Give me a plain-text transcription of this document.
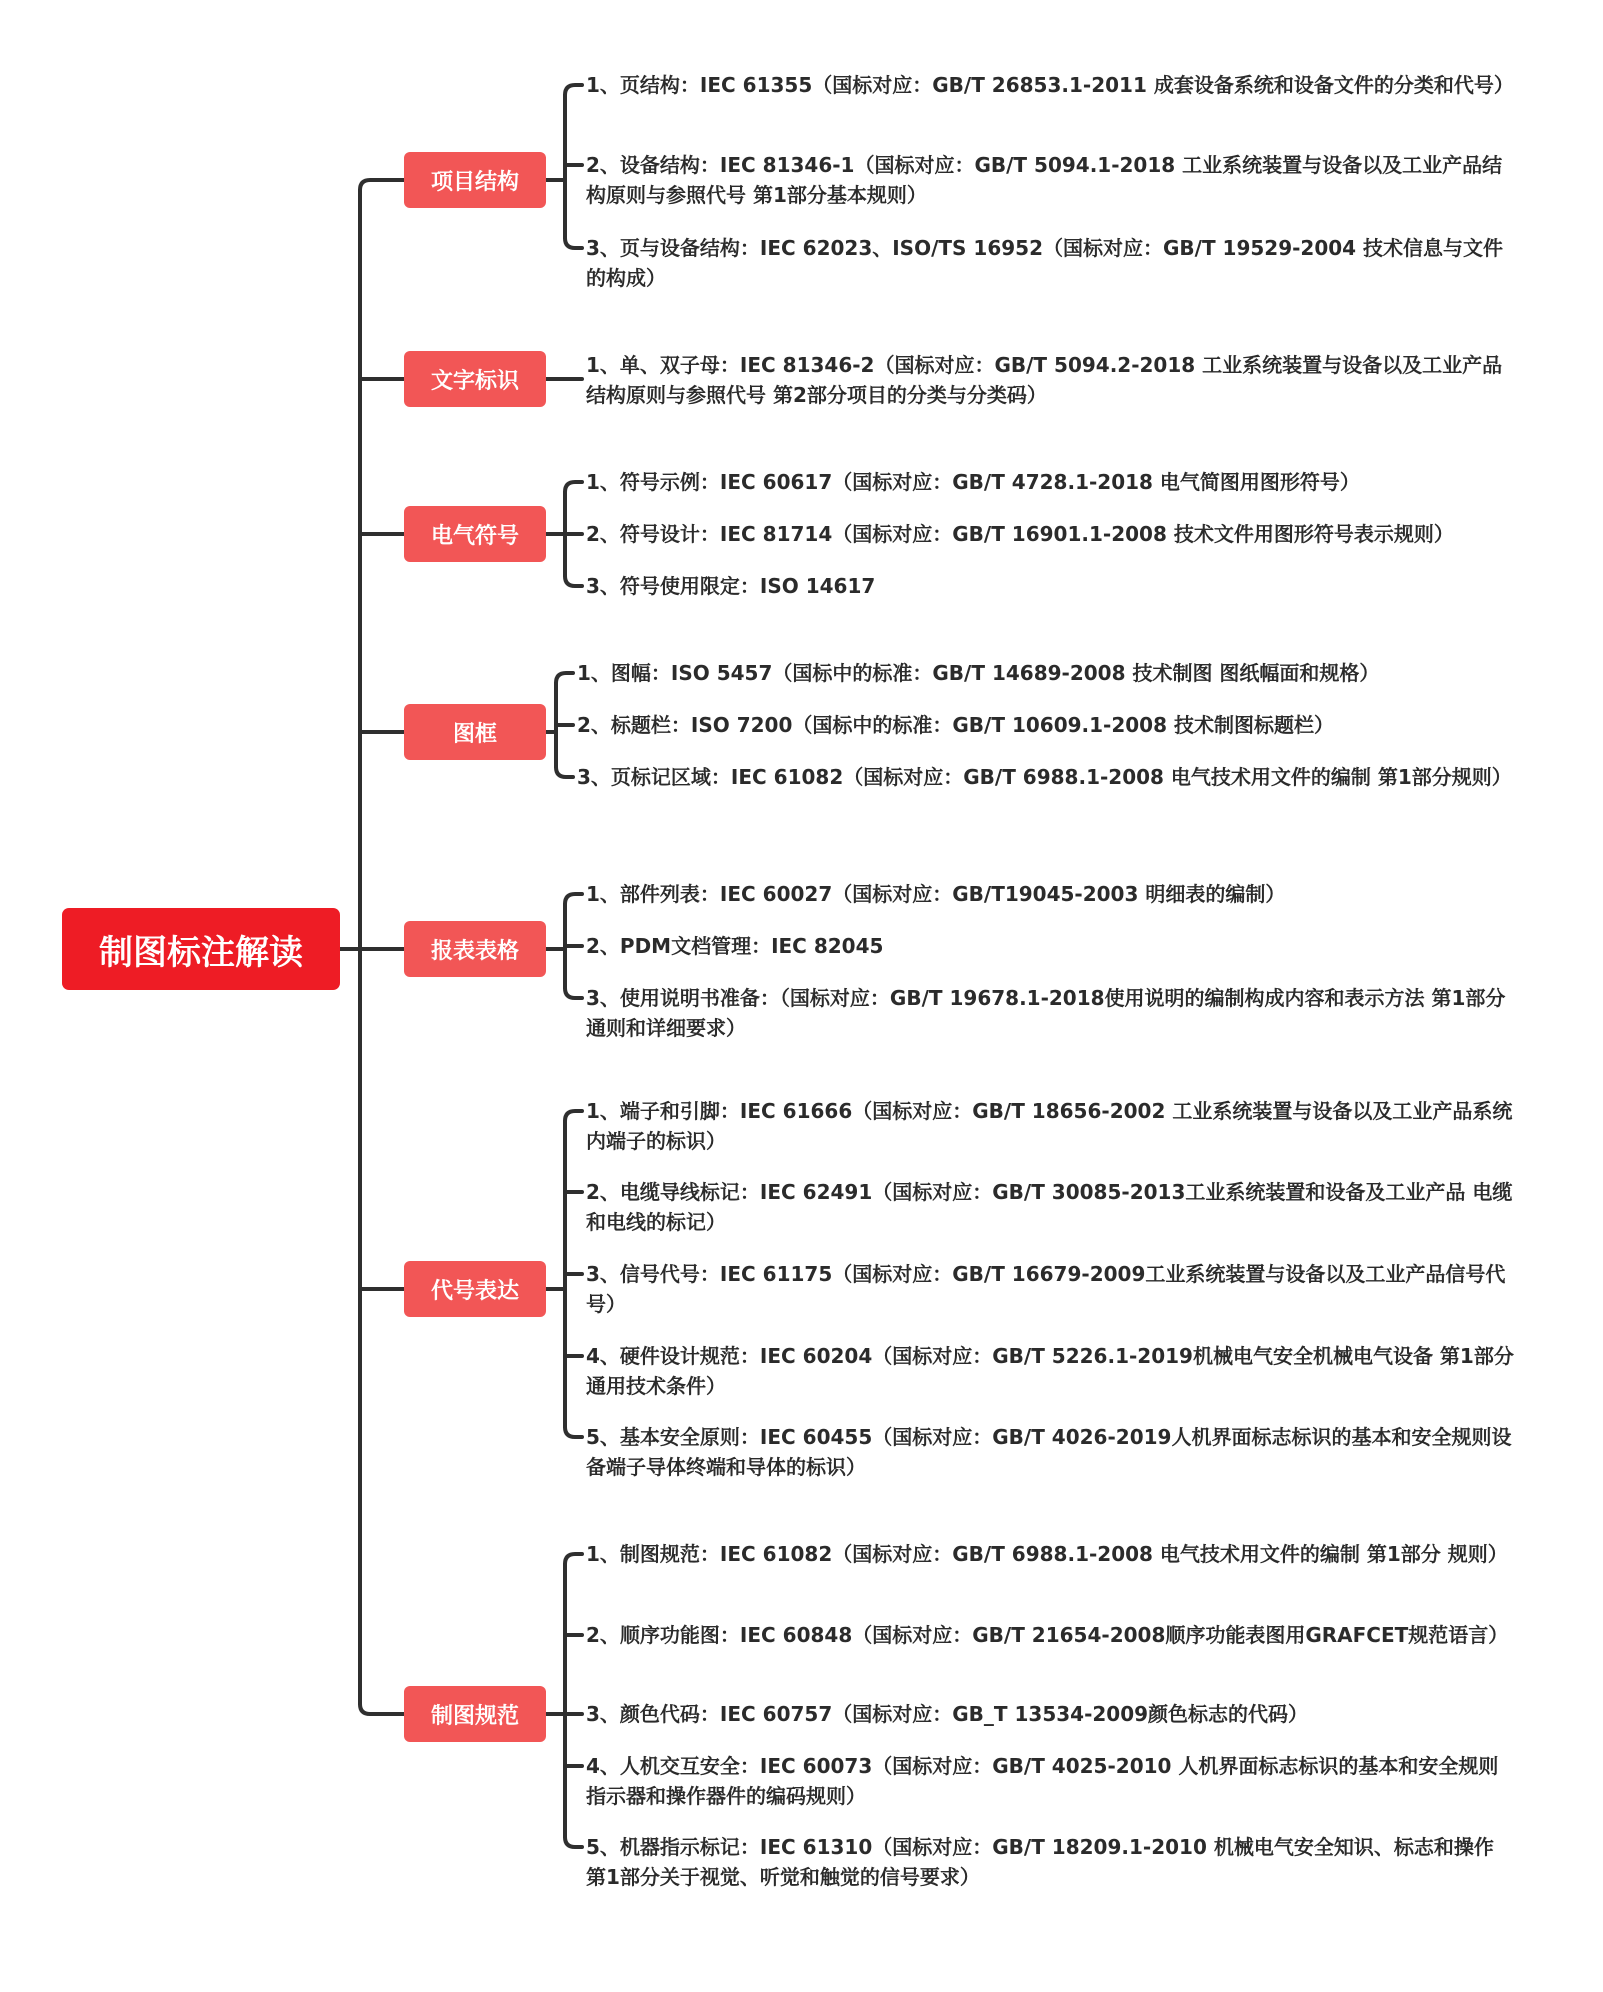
制图标注解读
项目结构

1、页结构：IEC 61355（国标对应：GB/T 26853.1-2011 成套设备系统和设备文件的分类和代号）

2、设备结构：IEC 81346-1（国标对应：GB/T 5094.1-2018 工业系统装置与设备以及工业产品结构原则与参照代号 第1部分基本规则）

3、页与设备结构：IEC 62023、ISO/TS 16952（国标对应：GB/T 19529-2004 技术信息与文件的构成）

文字标识

1、单、双子母：IEC 81346-2（国标对应：GB/T 5094.2-2018 工业系统装置与设备以及工业产品结构原则与参照代号 第2部分项目的分类与分类码）

电气符号

1、符号示例：IEC 60617（国标对应：GB/T 4728.1-2018 电气简图用图形符号）

2、符号设计：IEC 81714（国标对应：GB/T 16901.1-2008 技术文件用图形符号表示规则）

3、符号使用限定：ISO 14617

图框

1、图幅：ISO 5457（国标中的标准：GB/T 14689-2008 技术制图 图纸幅面和规格）

2、标题栏：ISO 7200（国标中的标准：GB/T 10609.1-2008 技术制图标题栏）

3、页标记区域：IEC 61082（国标对应：GB/T 6988.1-2008 电气技术用文件的编制 第1部分规则）

报表表格

1、部件列表：IEC 60027（国标对应：GB/T19045-2003 明细表的编制）

2、PDM文档管理：IEC 82045

3、使用说明书准备：（国标对应：GB/T 19678.1-2018使用说明的编制构成内容和表示方法 第1部分通则和详细要求）

代号表达

1、端子和引脚：IEC 61666（国标对应：GB/T 18656-2002 工业系统装置与设备以及工业产品系统内端子的标识）

2、电缆导线标记：IEC 62491（国标对应：GB/T 30085-2013工业系统装置和设备及工业产品 电缆和电线的标记）

3、信号代号：IEC 61175（国标对应：GB/T 16679-2009工业系统装置与设备以及工业产品信号代号）

4、硬件设计规范：IEC 60204（国标对应：GB/T 5226.1-2019机械电气安全机械电气设备 第1部分通用技术条件）

5、基本安全原则：IEC 60455（国标对应：GB/T 4026-2019人机界面标志标识的基本和安全规则设备端子导体终端和导体的标识）

制图规范

1、制图规范：IEC 61082（国标对应：GB/T 6988.1-2008 电气技术用文件的编制 第1部分 规则）

2、顺序功能图：IEC 60848（国标对应：GB/T 21654-2008顺序功能表图用GRAFCET规范语言）

3、颜色代码：IEC 60757（国标对应：GB_T 13534-2009颜色标志的代码）

4、人机交互安全：IEC 60073（国标对应：GB/T 4025-2010 人机界面标志标识的基本和安全规则指示器和操作器件的编码规则）

5、机器指示标记：IEC 61310（国标对应：GB/T 18209.1-2010 机械电气安全知识、标志和操作 第1部分关于视觉、听觉和触觉的信号要求）
